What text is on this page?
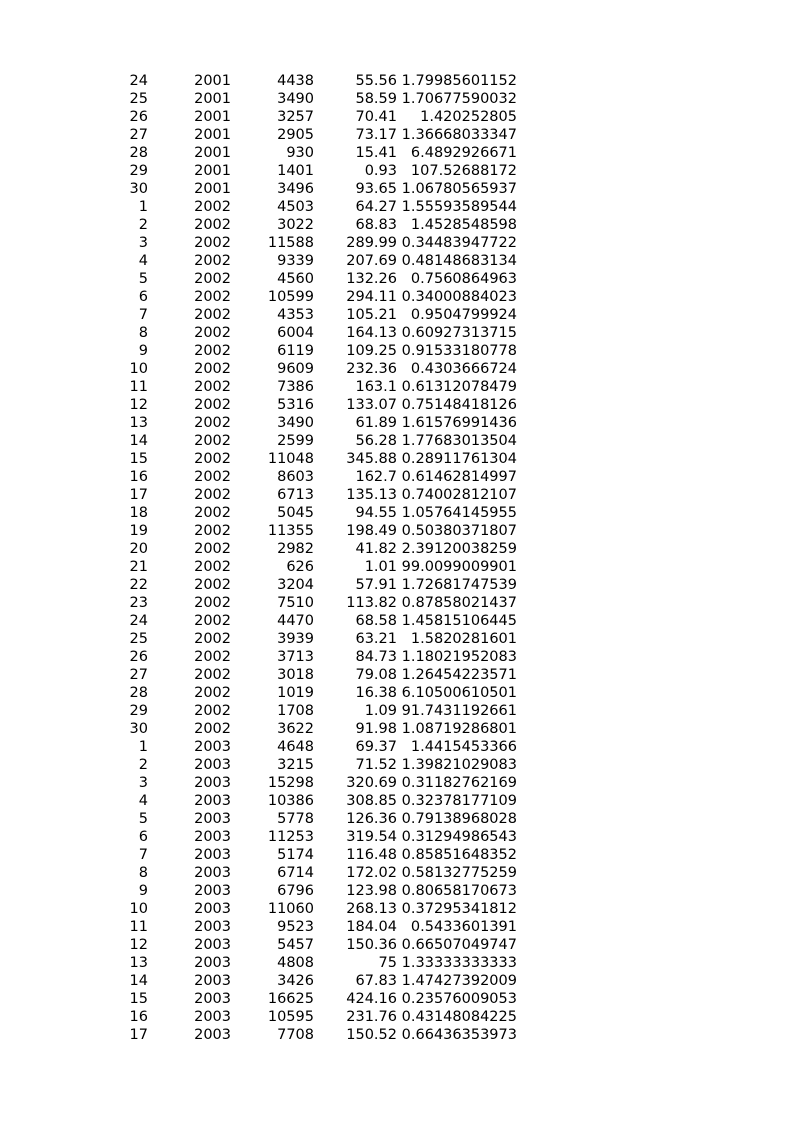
24	2001	4438	55.56 1.79985601152
25	2001	3490	58.59 1.70677590032
26	2001	3257	70.41	1.420252805
27	2001	2905	73.17 1.36668033347
28	2001	930	15.41 6.4892926671
29	2001	1401	0.93 107.52688172
30	2001	3496	93.65 1.06780565937
1	2002	4503	64.27 1.55593589544
2	2002	3022	68.83 1.4528548598
3	2002	11588	289.99 0.34483947722
4	2002	9339	207.69 0.48148683134
5	2002	4560	132.26 0.7560864963
6	2002	10599	294.11 0.34000884023
7	2002	4353	105.21 0.9504799924
8	2002	6004	164.13 0.60927313715
9	2002	6119	109.25 0.91533180778
10	2002	9609	232.36 0.4303666724
11	2002	7386	163.1 0.61312078479
12	2002	5316	133.07 0.75148418126
13	2002	3490	61.89 1.61576991436
14	2002	2599	56.28 1.77683013504
15	2002	11048	345.88 0.28911761304
16	2002	8603	162.7 0.61462814997
17	2002	6713	135.13 0.74002812107
18	2002	5045	94.55 1.05764145955
19	2002	11355	198.49 0.50380371807
20	2002	2982	41.82 2.39120038259
21	2002	626	1.01 99.0099009901
22	2002	3204	57.91 1.72681747539
23	2002	7510	113.82 0.87858021437
24	2002	4470	68.58 1.45815106445
25	2002	3939	63.21 1.5820281601
26	2002	3713	84.73 1.18021952083
27	2002	3018	79.08 1.26454223571
28	2002	1019	16.38 6.10500610501
29	2002	1708	1.09 91.7431192661
30	2002	3622	91.98 1.08719286801
1	2003	4648	69.37 1.4415453366
2	2003	3215	71.52 1.39821029083
3	2003	15298	320.69 0.31182762169
4	2003	10386	308.85 0.32378177109
5	2003	5778	126.36 0.79138968028
6	2003	11253	319.54 0.31294986543
7	2003	5174	116.48 0.85851648352
8	2003	6714	172.02 0.58132775259
9	2003	6796	123.98 0.80658170673
10	2003	11060	268.13 0.37295341812
11	2003	9523	184.04 0.5433601391
12	2003	5457	150.36 0.66507049747
13	2003	4808	75 1.33333333333
14	2003	3426	67.83 1.47427392009
15	2003	16625	424.16 0.23576009053
16	2003	10595	231.76 0.43148084225
17	2003	7708	150.52 0.66436353973
